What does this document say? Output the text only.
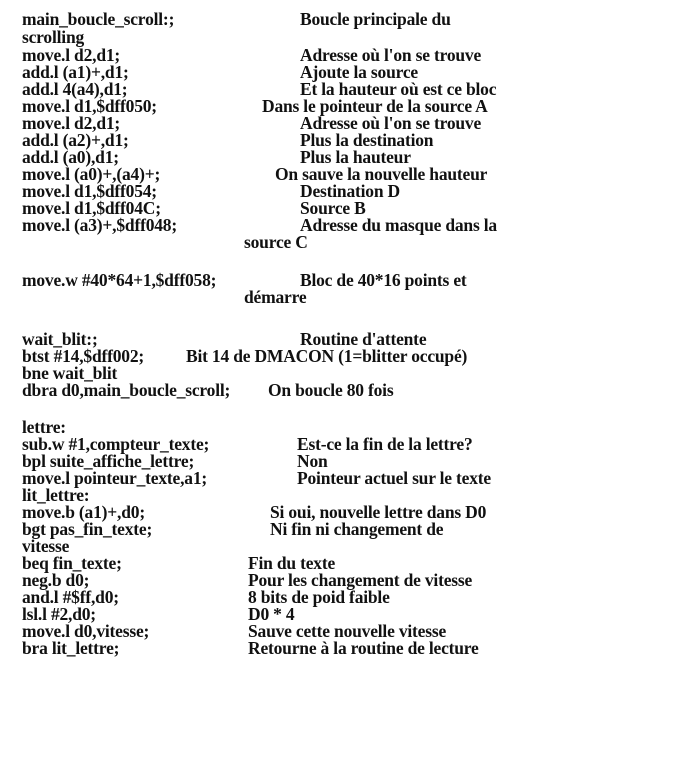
main_boucle_scroll:;
scrolling
move.l d2,d1;
add.l (a1)+,d1;
add.l 4(a4),d1;
move.l d1,$dff050;
move.l d2,d1;
add.l (a2)+,d1;
add.l (a0),d1;
move.l (a0)+,(a4)+;
move.l d1,$dff054;
move.l d1,$dff04C;
move.l (a3)+,$dff048;
move.w #40*64+1,$dff058;
wait_blit:;
btst #14,$dff002;
bne wait_blit
dbra d0,main_boucle_scroll;
lettre:
sub.w #1,compteur_texte;
bpl suite_affiche_lettre;
move.l pointeur_texte,a1;
lit_lettre:
move.b (a1)+,d0;
bgt pas_fin_texte;
vitesse
beq fin_texte;
neg.b d0;
and.l #$ff,d0;
lsl.l #2,d0;
move.l d0,vitesse;
bra lit_lettre;
Boucle principale du
Adresse où l'on se trouve
Ajoute la source
Et la hauteur où est ce bloc
Dans le pointeur de la source A
Adresse où l'on se trouve
Plus la destination
Plus la hauteur
On sauve la nouvelle hauteur
Destination D
Source B
Adresse du masque dans la
source C
Bloc de 40*16 points et
démarre
Routine d'attente
Bit 14 de DMACON (1=blitter occupé)
On boucle 80 fois
Est-ce la fin de la lettre?
Non
Pointeur actuel sur le texte
Si oui, nouvelle lettre dans D0
Ni fin ni changement de
Fin du texte
Pour les changement de vitesse
8 bits de poid faible
D0 * 4
Sauve cette nouvelle vitesse
Retourne à la routine de lecture
